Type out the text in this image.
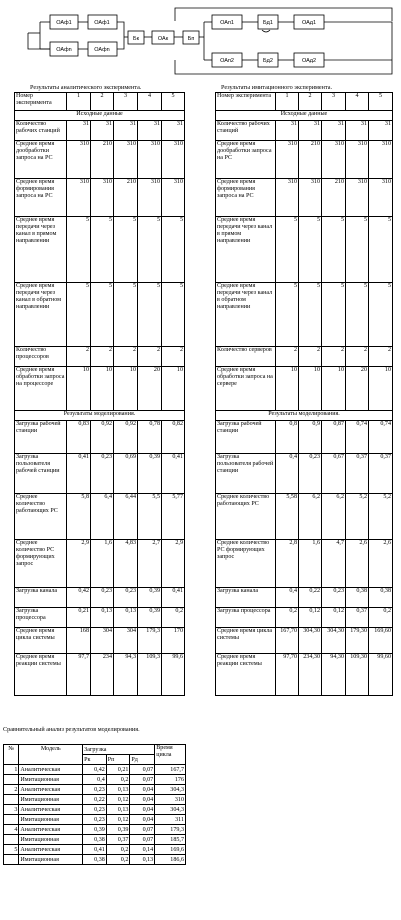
ОАф1	ОАф1
ОАфn	ОАфn
Бк	ОАк	Бп
ОАп1	Бд1	ОАд1
ОАп2	Бд2	ОАд2
Результаты аналитического эксперимента.	Результаты имитационного эксперимента.
Номер эксперимента	1	2	3	4	5
Исходные данные					
Количество рабочих станций	31	31	31	31	31
Среднее время дообработки запроса на РС	310	210	310	310	310
Среднее время формирования запроса на РС	310	310	210	310	310
Среднее время передачи через канал в прямом направлении	5	5	5	5	5
Среднее время передачи через канал в обратном направлении	5	5	5	5	5
Количество процессоров	2	2	2	2	2
Среднее время обработки запроса на процессоре	10	10	10	20	10
Результаты моделирования.					
Загрузка рабочей станции	0,83	0,92	0,92	0,78	0,82
Загрузка пользователя рабочей станции	0,41	0,23	0,69	0,39	0,41
Среднее количество работающих РС	5,8	6,4	6,44	5,5	5,77
Среднее количество РС формирующих запрос	2,9	1,6	4,83	2,7	2,9
Загрузка канала	0,42	0,23	0,23	0,39	0,41
Загрузка процессора	0,21	0,13	0,13	0,39	0,2
Среднее время цикла системы	168	304	304	179,3	170
Среднее время реакции системы	97,7	234	94,3	109,3	99,6
Номер эксперимента	1	2	3	4	5
Исходные данные					
Количество рабочих станций	31	31	31	31	31
Среднее время дообработки запроса на РС	310	210	310	310	310
Среднее время формирования запроса на РС	310	310	210	310	310
Среднее время передачи через канал в прямом направлении	5	5	5	5	5
Среднее время передачи через канал в обратном направлении	5	5	5	5	5
Количество серверов	2	2	2	2	2
Среднее время обработки запроса на сервере	10	10	10	20	10
Результаты моделирования.					
Загрузка рабочей станции	0,8	0,9	0,87	0,74	0,74
Загрузка пользователя рабочей станции	0,4	0,23	0,67	0,37	0,37
Среднее количество работающих РС	5,58	6,2	6,2	5,2	5,2
Среднее количество РС формирующих запрос	2,8	1,6	4,7	2,6	2,6
Загрузка канала	0,4	0,22	0,23	0,38	0,38
Загрузка процессора	0,2	0,12	0,12	0,37	0,2
Среднее время цикла системы	167,70	304,30	304,30	179,30	169,60
Среднее время реакции системы	97,70	234,30	94,30	109,30	99,60
Сравнительный анализ результатов моделирования.
№	Модель	Загрузка			Время цикла
		Pк	Pп	Pд	
1	Аналитическая	0,42	0,21	0,07	167,7
	Имитационная	0,4	0,2	0,07	176
2	Аналитическая	0,23	0,13	0,04	304,3
	Имитационная	0,22	0,12	0,04	310
3	Аналитическая	0,23	0,13	0,04	304,3
	Имитационная	0,23	0,12	0,04	311
4	Аналитическая	0,39	0,39	0,07	179,3
	Имитационная	0,38	0,37	0,07	185,7
5	Аналитическая	0,41	0,2	0,14	169,6
	Имитационная	0,38	0,2	0,13	186,6
